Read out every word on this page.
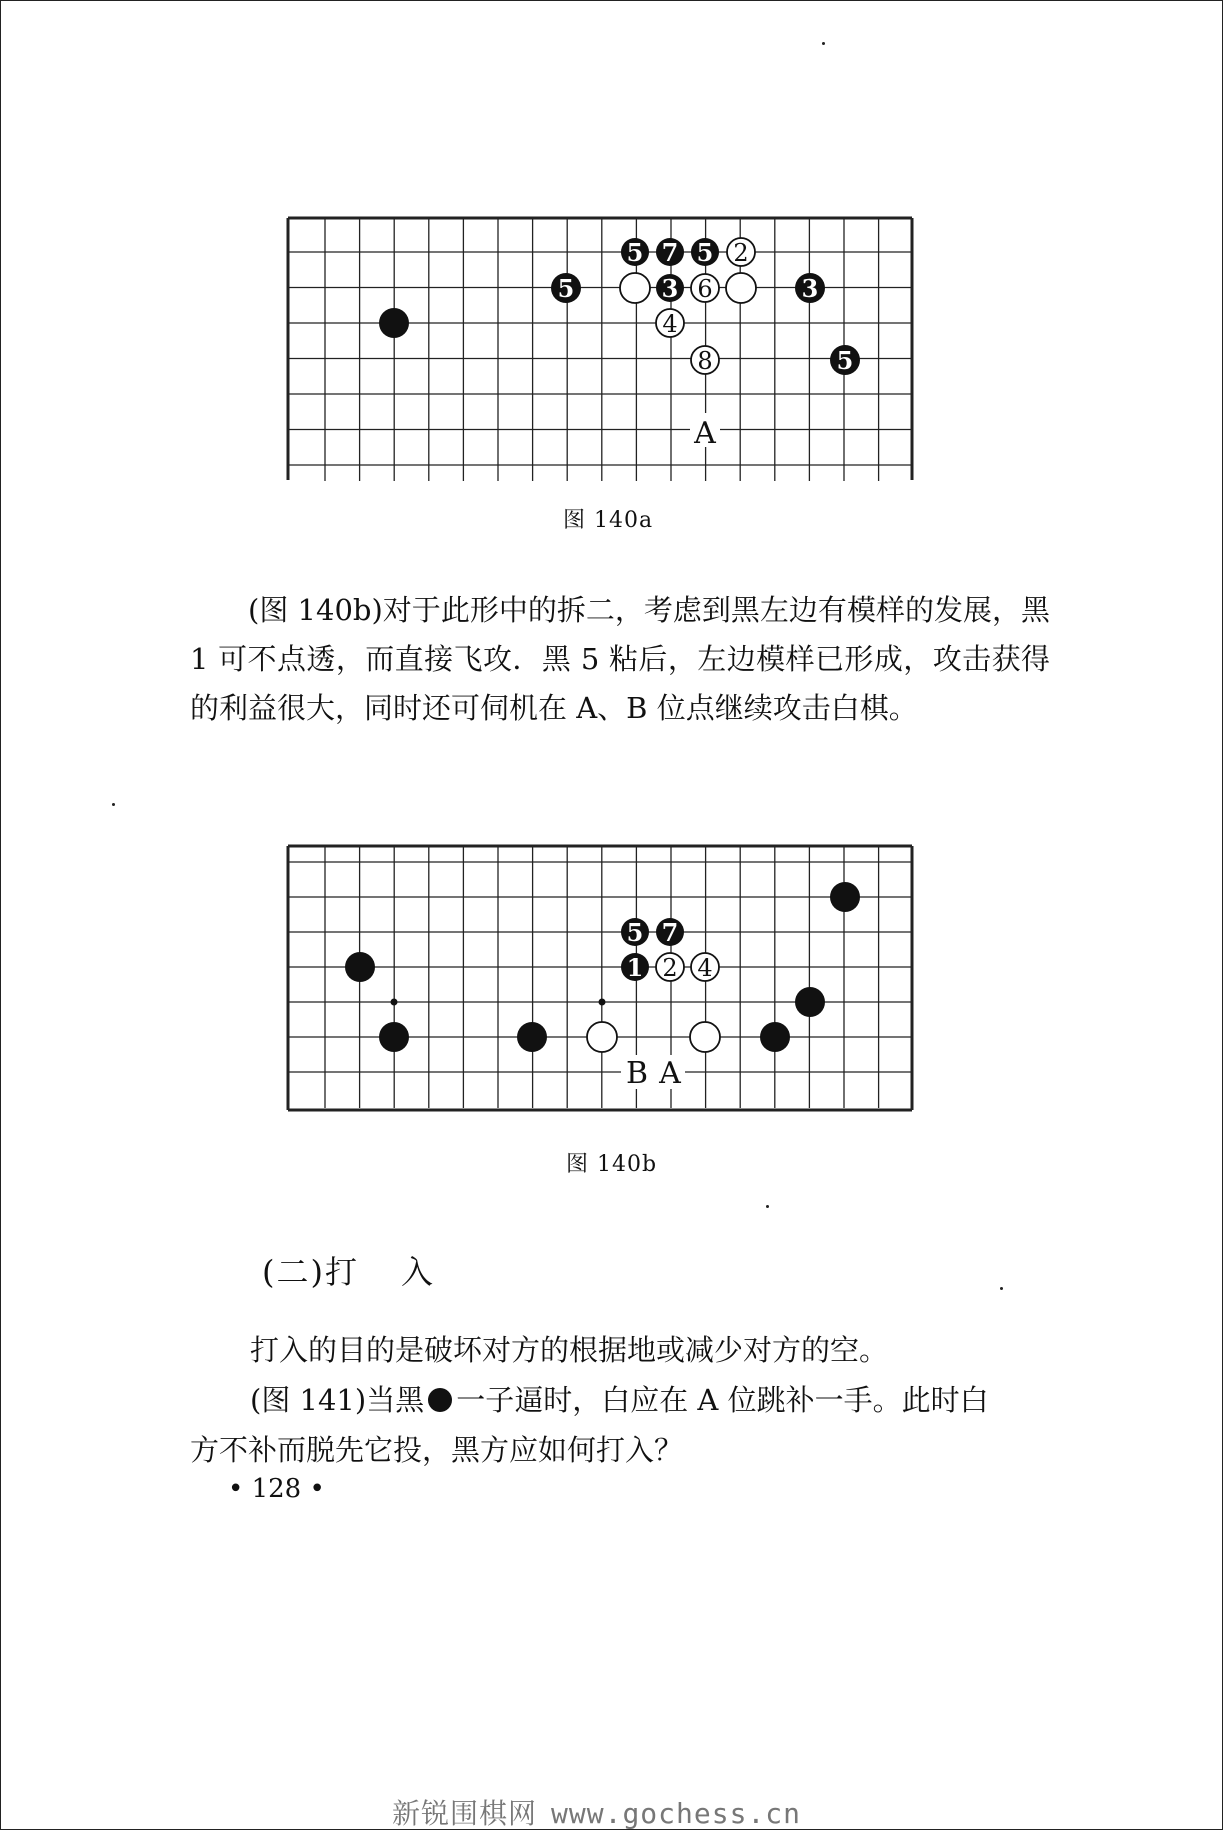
5 7 5 2
5	3 6	3
4
8	5
A
图 140a
(图 140b)对于此形中的拆二，考虑到黑左边有模样的发展，黑 1 可不点透，而直接飞攻．黑 5 粘后，左边模样已形成，攻击获得的利益很大，同时还可伺机在 A、B 位点继续攻击白棋。
5 7
1 2 4
B A
图 140b
(二)打 入
打入的目的是破坏对方的根据地或减少对方的空。
(图 141)当黑 一子逼时，白应在 A 位跳补一手。此时白
方不补而脱先它投，黑方应如何打入？
• 128 •
新锐围棋网 www.gochess.cn
